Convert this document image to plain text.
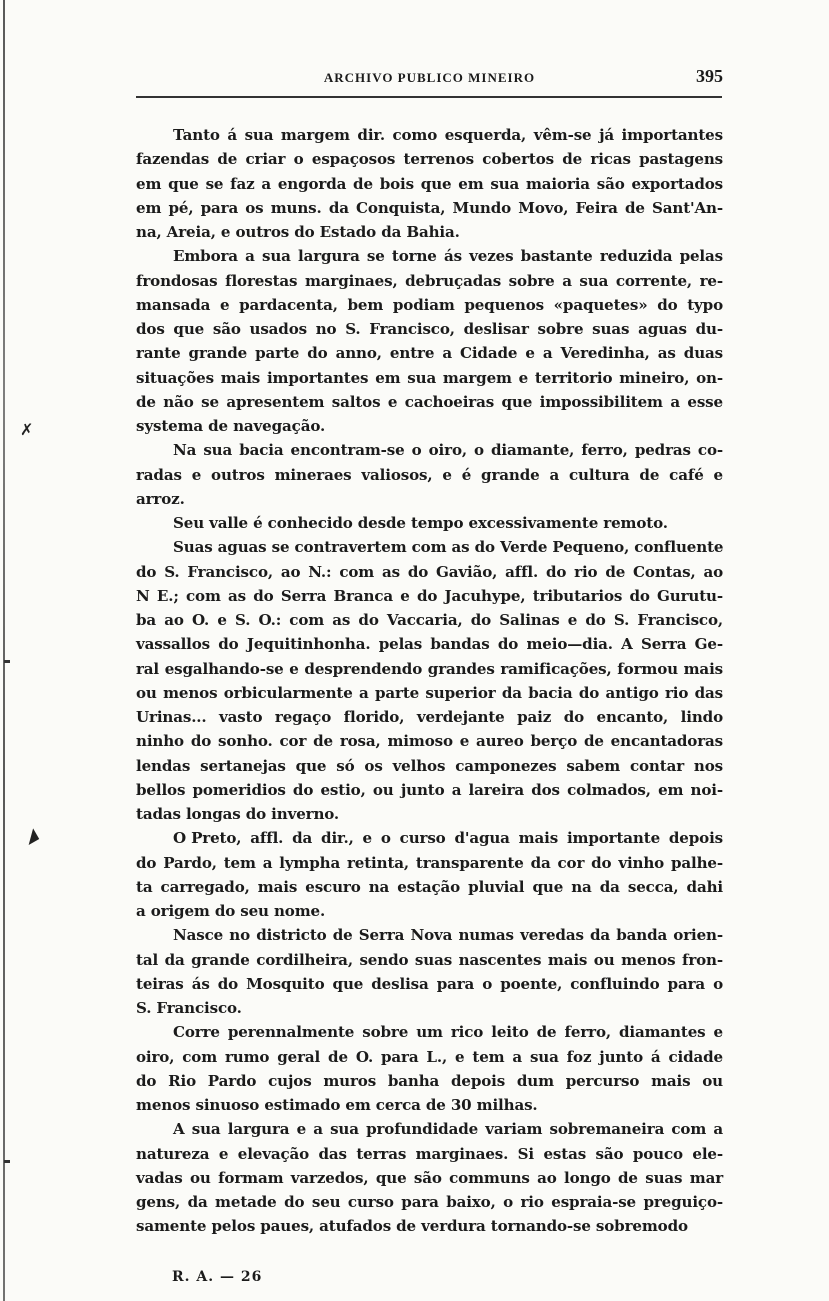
ARCHIVO PUBLICO MINEIRO	395
Tanto á sua margem dir. como esquerda, vêm-se já importantes
fazendas de criar o espaçosos terrenos cobertos de ricas pastagens
em que se faz a engorda de bois que em sua maioria são exportados
em pé, para os muns. da Conquista, Mundo Movo, Feira de Sant'An-
na, Areia, e outros do Estado da Bahia.
Embora a sua largura se torne ás vezes bastante reduzida pelas
frondosas florestas marginaes, debruçadas sobre a sua corrente, re-
mansada e pardacenta, bem podiam pequenos «paquetes» do typo
dos que são usados no S. Francisco, deslisar sobre suas aguas du-
rante grande parte do anno, entre a Cidade e a Veredinha, as duas
situações mais importantes em sua margem e territorio mineiro, on-
de não se apresentem saltos e cachoeiras que impossibilitem a esse
systema de navegação.
Na sua bacia encontram-se o oiro, o diamante, ferro, pedras co-
radas e outros mineraes valiosos, e é grande a cultura de café e
arroz.
Seu valle é conhecido desde tempo excessivamente remoto.
Suas aguas se contravertem com as do Verde Pequeno, confluente
do S. Francisco, ao N.: com as do Gavião, affl. do rio de Contas, ao
N E.; com as do Serra Branca e do Jacuhype, tributarios do Gurutu-
ba ao O. e S. O.: com as do Vaccaria, do Salinas e do S. Francisco,
vassallos do Jequitinhonha. pelas bandas do meio—dia. A Serra Ge-
ral esgalhando-se e desprendendo grandes ramificações, formou mais
ou menos orbicularmente a parte superior da bacia do antigo rio das
Urinas... vasto regaço florido, verdejante paiz do encanto, lindo
ninho do sonho. cor de rosa, mimoso e aureo berço de encantadoras
lendas sertanejas que só os velhos camponezes sabem contar nos
bellos pomeridios do estio, ou junto a lareira dos colmados, em noi-
tadas longas do inverno.
O Preto, affl. da dir., e o curso d'agua mais importante depois
do Pardo, tem a lympha retinta, transparente da cor do vinho palhe-
ta carregado, mais escuro na estação pluvial que na da secca, dahi
a origem do seu nome.
Nasce no districto de Serra Nova numas veredas da banda orien-
tal da grande cordilheira, sendo suas nascentes mais ou menos fron-
teiras ás do Mosquito que deslisa para o poente, confluindo para o
S. Francisco.
Corre perennalmente sobre um rico leito de ferro, diamantes e
oiro, com rumo geral de O. para L., e tem a sua foz junto á cidade
do Rio Pardo cujos muros banha depois dum percurso mais ou
menos sinuoso estimado em cerca de 30 milhas.
A sua largura e a sua profundidade variam sobremaneira com a
natureza e elevação das terras marginaes. Si estas são pouco ele-
vadas ou formam varzedos, que são communs ao longo de suas mar
gens, da metade do seu curso para baixo, o rio espraia-se preguiço-
samente pelos paues, atufados de verdura tornando-se sobremodo
R. A. — 26
✗
◢
